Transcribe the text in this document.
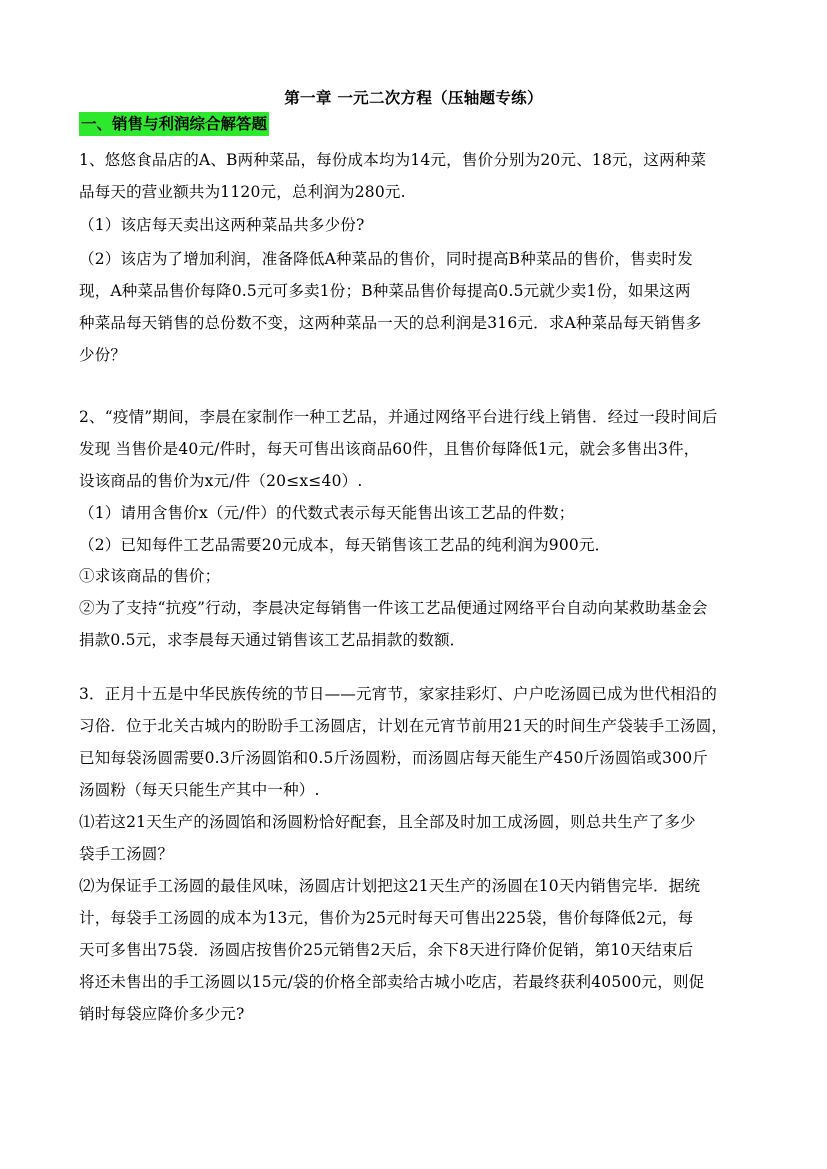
第一章 一元二次方程（压轴题专练）
一、销售与利润综合解答题
1、悠悠食品店的A、B两种菜品，每份成本均为14元，售价分别为20元、18元，这两种菜
品每天的营业额共为1120元，总利润为280元.
（1）该店每天卖出这两种菜品共多少份?
（2）该店为了增加利润，准备降低A种菜品的售价，同时提高B种菜品的售价，售卖时发
现，A种菜品售价每降0.5元可多卖1份；B种菜品售价每提高0.5元就少卖1份，如果这两
种菜品每天销售的总份数不变，这两种菜品一天的总利润是316元．求A种菜品每天销售多
少份？
2、“疫情”期间，李晨在家制作一种工艺品，并通过网络平台进行线上销售．经过一段时间后
发现 当售价是40元/件时，每天可售出该商品60件，且售价每降低1元，就会多售出3件，
设该商品的售价为x元/件（20≤x≤40）.
（1）请用含售价x（元/件）的代数式表示每天能售出该工艺品的件数；
（2）已知每件工艺品需要20元成本，每天销售该工艺品的纯利润为900元．
①求该商品的售价；
②为了支持“抗疫”行动，李晨决定每销售一件该工艺品便通过网络平台自动向某救助基金会
捐款0.5元，求李晨每天通过销售该工艺品捐款的数额．
3．正月十五是中华民族传统的节日——元宵节，家家挂彩灯、户户吃汤圆已成为世代相沿的
习俗．位于北关古城内的盼盼手工汤圆店，计划在元宵节前用21天的时间生产袋装手工汤圆，
已知每袋汤圆需要0.3斤汤圆馅和0.5斤汤圆粉，而汤圆店每天能生产450斤汤圆馅或300斤
汤圆粉（每天只能生产其中一种）.
⑴若这21天生产的汤圆馅和汤圆粉恰好配套，且全部及时加工成汤圆，则总共生产了多少
袋手工汤圆？
⑵为保证手工汤圆的最佳风味，汤圆店计划把这21天生产的汤圆在10天内销售完毕．据统
计，每袋手工汤圆的成本为13元，售价为25元时每天可售出225袋，售价每降低2元，每
天可多售出75袋．汤圆店按售价25元销售2天后，余下8天进行降价促销，第10天结束后
将还未售出的手工汤圆以15元/袋的价格全部卖给古城小吃店，若最终获利40500元，则促
销时每袋应降价多少元?
